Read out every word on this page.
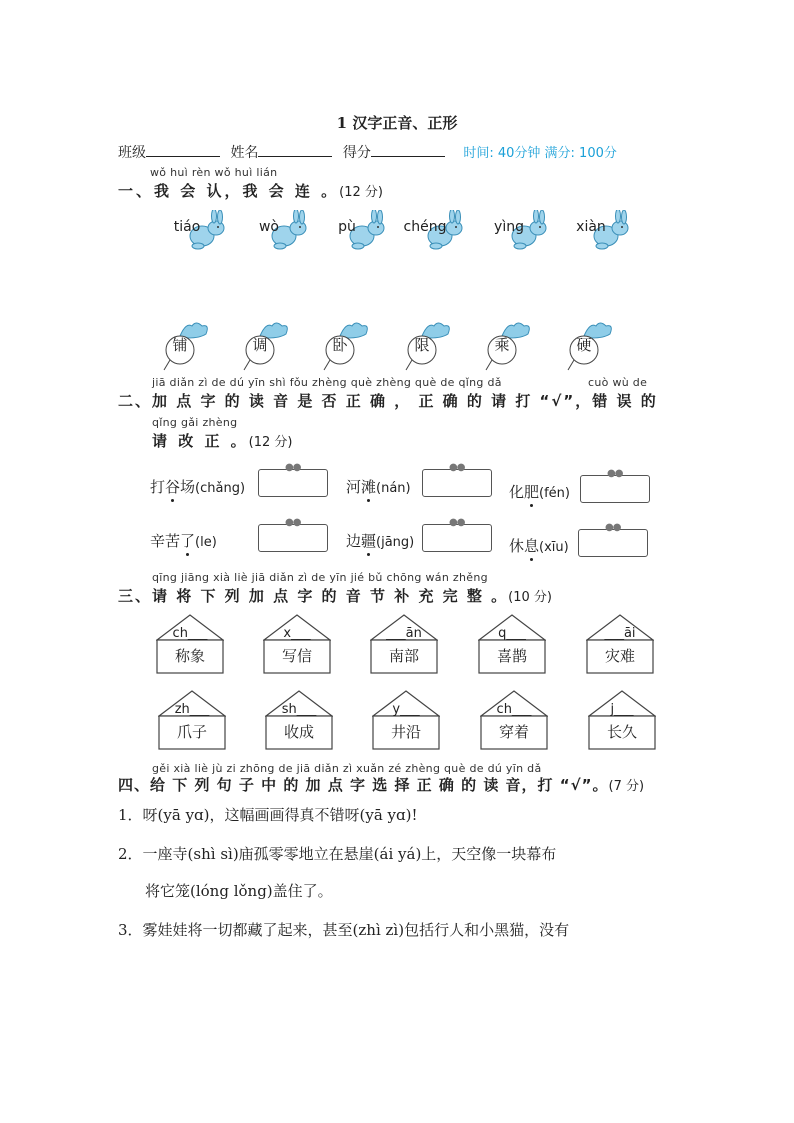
1 汉字正音、正形
班级	姓名	得分	时间: 40分钟 满分: 100分
wǒ huì rèn wǒ huì lián
一、我 会 认，我 会 连 。(12 分)
tiáo	wò	pù	chéng	yìng	xiàn
铺	调	卧	限	乘	硬
jiā diǎn zì de dú yīn shì fǒu zhèng què zhèng què de qǐng dǎ	cuò wù de
二、加 点 字 的 读 音 是 否 正 确 ， 正 确 的 请 打 “√”，错 误 的
qǐng gǎi zhèng
请 改 正 。(12 分)
打谷场(chǎng)
●●
河滩(nán)
●●
化肥(fén)
●●
辛苦了(le)
●●
边疆(jāng)
●●
休息(xīu)
●●
qīng jiāng xià liè jiā diǎn zì de yīn jié bǔ chōng wán zhěng
三、请 将 下 列 加 点 字 的 音 节 补 充 完 整 。(10 分)
ch___
称象
x___
写信
___ān
南部
q___
喜鹊
___āi
灾难
zh___
爪子
sh___
收成
y___
井沿
ch___
穿着
j___
长久
gěi xià liè jù zi zhōng de jiā diǎn zì xuǎn zé zhèng què de dú yīn dǎ
四、给 下 列 句 子 中 的 加 点 字 选 择 正 确 的 读 音，打 “√”。(7 分)
1．呀(yā yɑ)，这幅画画得真不错呀(yā yɑ)!
2．一座寺(shì sì)庙孤零零地立在悬崖(ái yá)上，天空像一块幕布
将它笼(lóng lǒng)盖住了。
3．雾娃娃将一切都藏了起来，甚至(zhì zì)包括行人和小黑猫，没有
